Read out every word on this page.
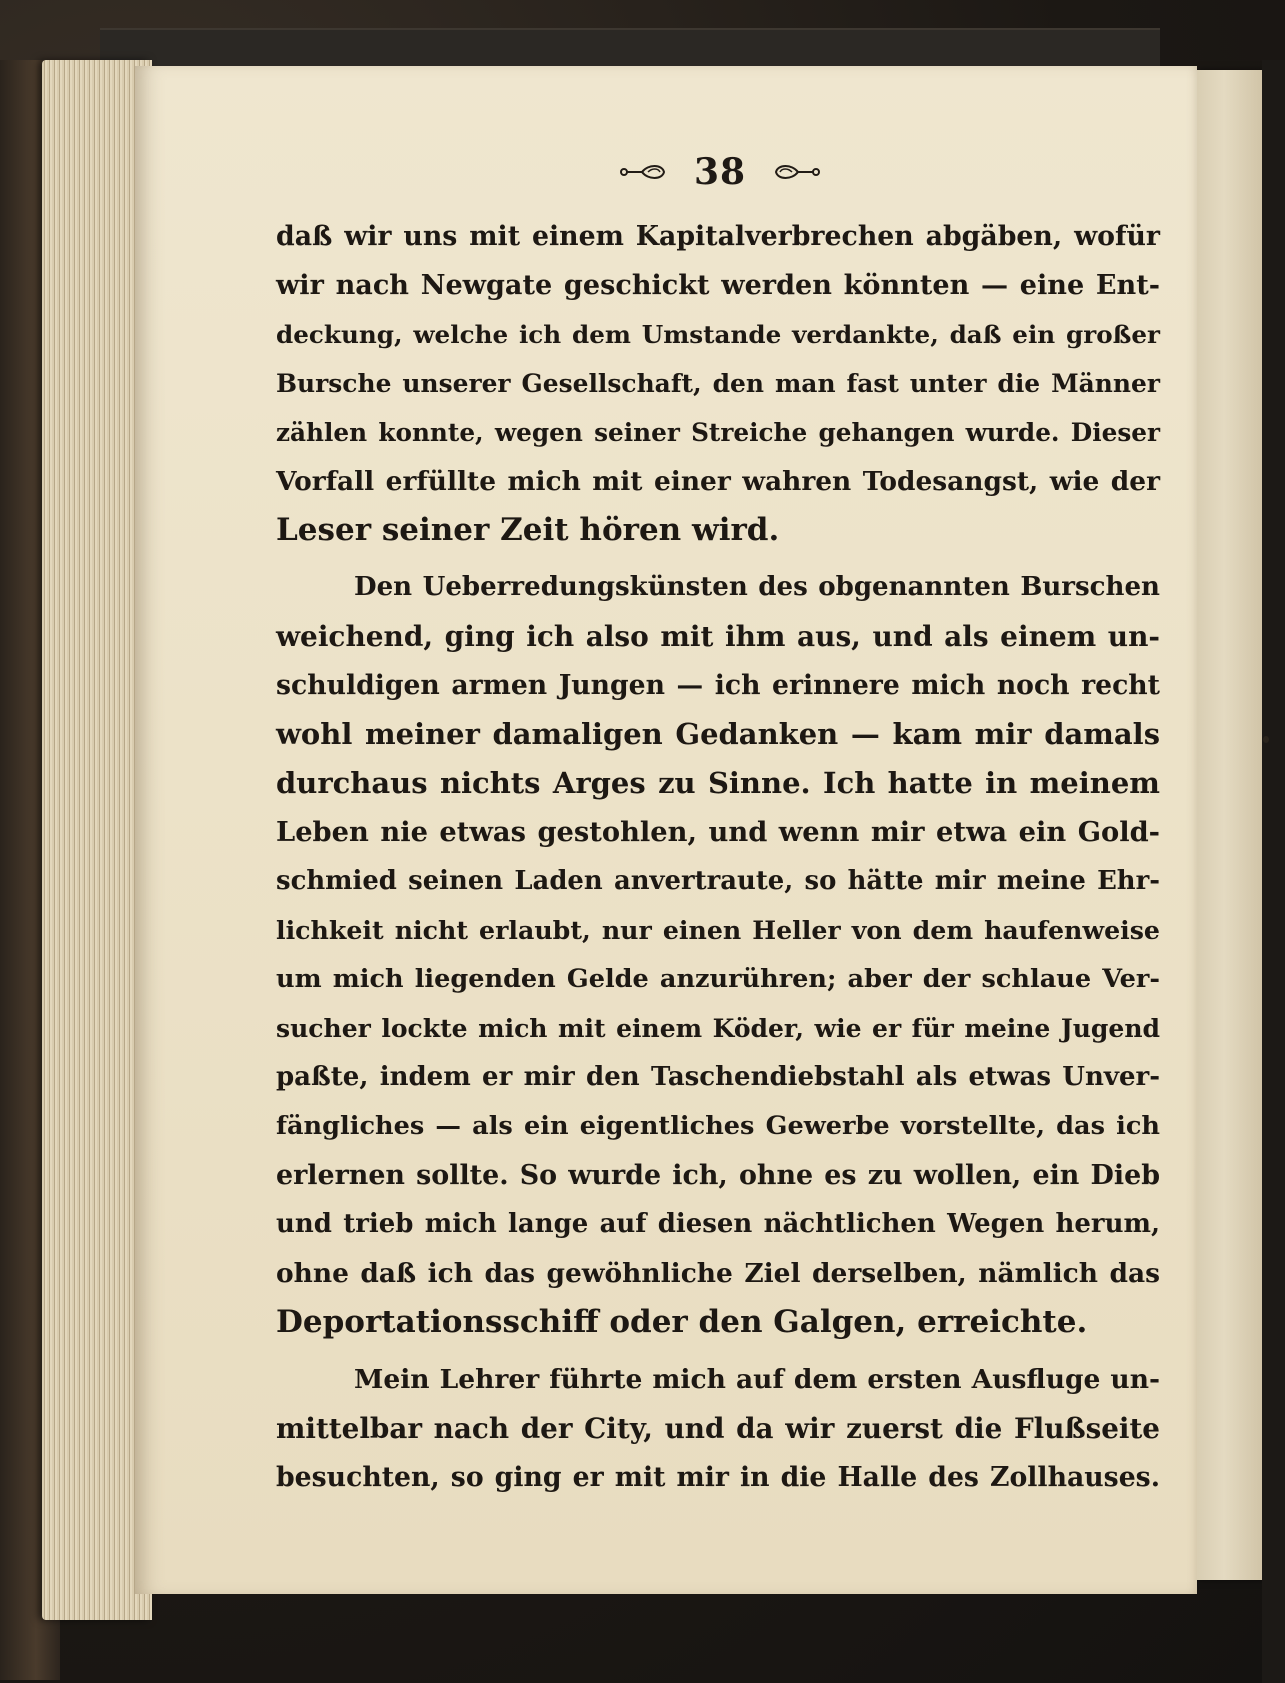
38
daß wir uns mit einem Kapitalverbrechen abgäben, wofür
wir nach Newgate geschickt werden könnten — eine Ent-
deckung, welche ich dem Umstande verdankte, daß ein großer
Bursche unserer Gesellschaft, den man fast unter die Männer
zählen konnte, wegen seiner Streiche gehangen wurde. Dieser
Vorfall erfüllte mich mit einer wahren Todesangst, wie der
Leser seiner Zeit hören wird.
Den Ueberredungskünsten des obgenannten Burschen
weichend, ging ich also mit ihm aus, und als einem un-
schuldigen armen Jungen — ich erinnere mich noch recht
wohl meiner damaligen Gedanken — kam mir damals
durchaus nichts Arges zu Sinne. Ich hatte in meinem
Leben nie etwas gestohlen, und wenn mir etwa ein Gold-
schmied seinen Laden anvertraute, so hätte mir meine Ehr-
lichkeit nicht erlaubt, nur einen Heller von dem haufenweise
um mich liegenden Gelde anzurühren; aber der schlaue Ver-
sucher lockte mich mit einem Köder, wie er für meine Jugend
paßte, indem er mir den Taschendiebstahl als etwas Unver-
fängliches — als ein eigentliches Gewerbe vorstellte, das ich
erlernen sollte. So wurde ich, ohne es zu wollen, ein Dieb
und trieb mich lange auf diesen nächtlichen Wegen herum,
ohne daß ich das gewöhnliche Ziel derselben, nämlich das
Deportationsschiff oder den Galgen, erreichte.
Mein Lehrer führte mich auf dem ersten Ausfluge un-
mittelbar nach der City, und da wir zuerst die Flußseite
besuchten, so ging er mit mir in die Halle des Zollhauses.
